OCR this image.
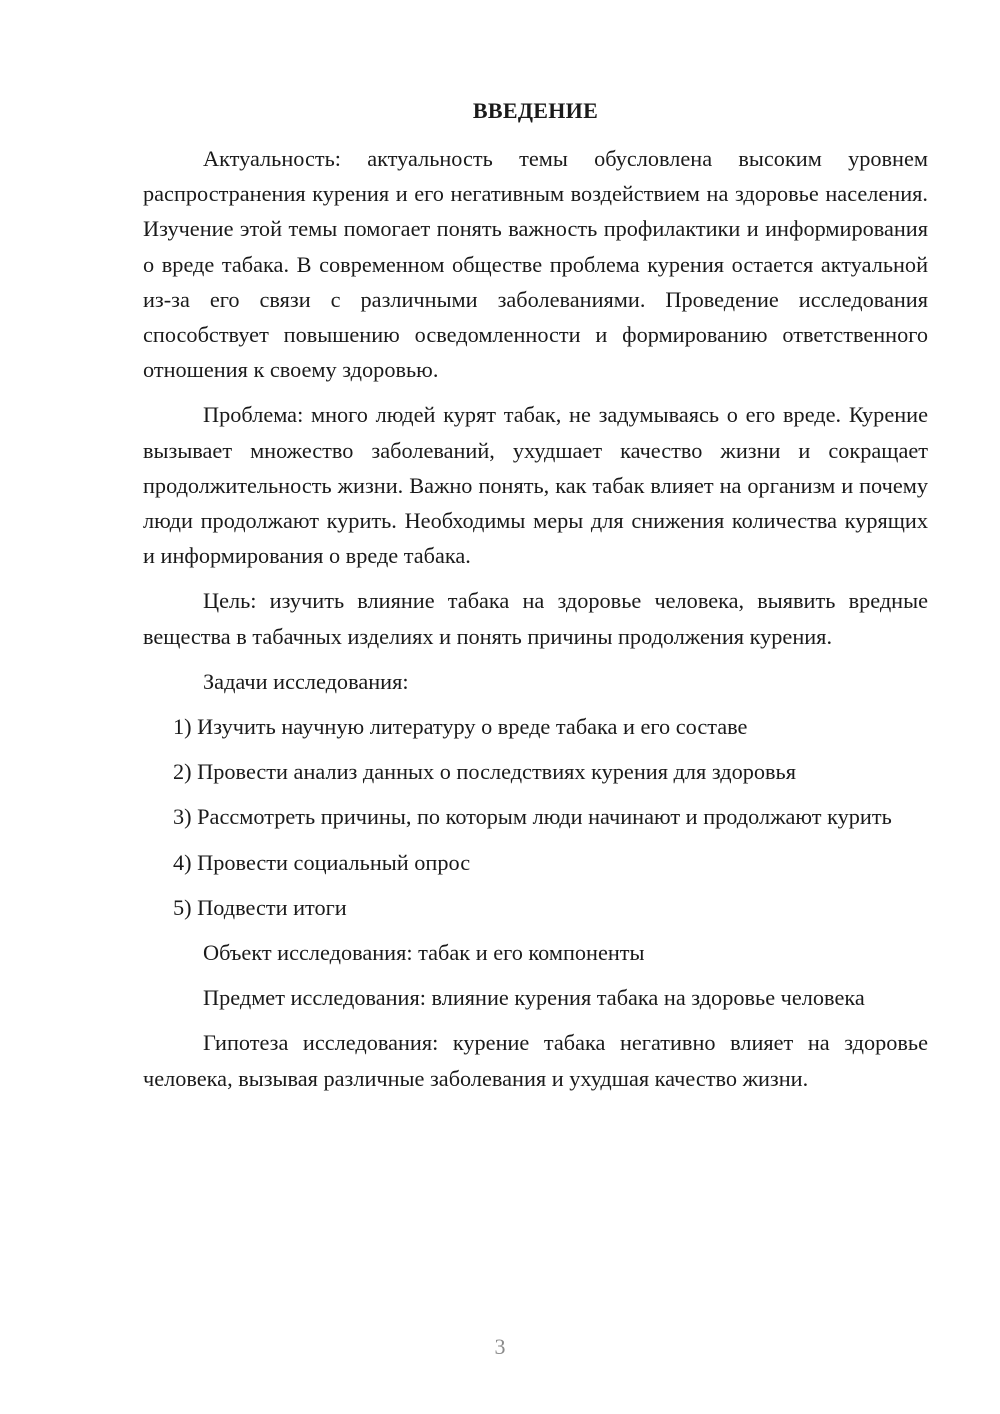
ВВЕДЕНИЕ

Актуальность: актуальность темы обусловлена высоким уровнем распространения курения и его негативным воздействием на здоровье населения. Изучение этой темы помогает понять важность профилактики и информирования о вреде табака. В современном обществе проблема курения остается актуальной из-за его связи с различными заболеваниями. Проведение исследования способствует повышению осведомленности и формированию ответственного отношения к своему здоровью.

Проблема: много людей курят табак, не задумываясь о его вреде. Курение вызывает множество заболеваний, ухудшает качество жизни и сокращает продолжительность жизни. Важно понять, как табак влияет на организм и почему люди продолжают курить. Необходимы меры для снижения количества курящих и информирования о вреде табака.

Цель: изучить влияние табака на здоровье человека, выявить вредные вещества в табачных изделиях и понять причины продолжения курения.

Задачи исследования:

1) Изучить научную литературу о вреде табака и его составе

2) Провести анализ данных о последствиях курения для здоровья

3) Рассмотреть причины, по которым люди начинают и продолжают курить

4) Провести социальный опрос

5) Подвести итоги

Объект исследования: табак и его компоненты

Предмет исследования: влияние курения табака на здоровье человека

Гипотеза исследования: курение табака негативно влияет на здоровье человека, вызывая различные заболевания и ухудшая качество жизни.

3
